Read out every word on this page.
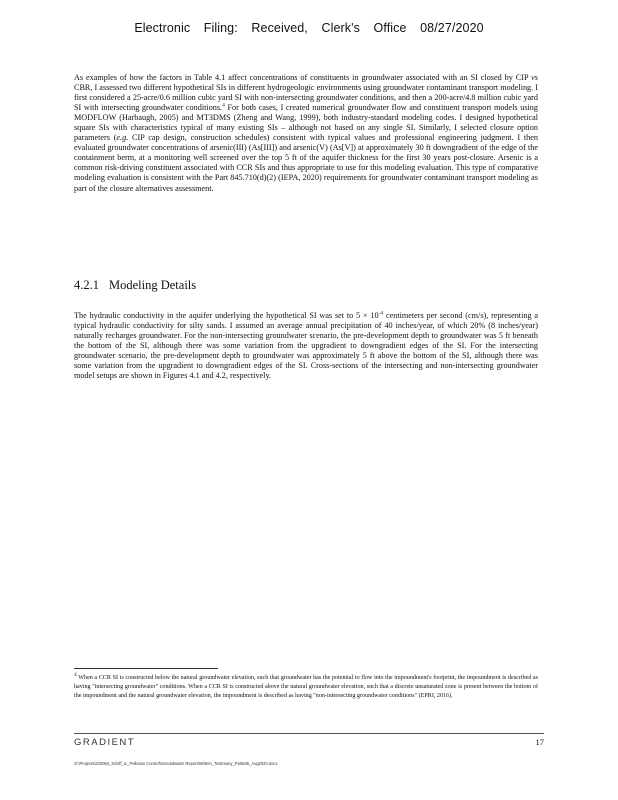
Electronic Filing: Received, Clerk's Office 08/27/2020
As examples of how the factors in Table 4.1 affect concentrations of constituents in groundwater associated with an SI closed by CIP vs CBR, I assessed two different hypothetical SIs in different hydrogeologic environments using groundwater contaminant transport modeling. I first considered a 25-acre/0.6 million cubic yard SI with non-intersecting groundwater conditions, and then a 200-acre/4.8 million cubic yard SI with intersecting groundwater conditions.$^4$ For both cases, I created numerical groundwater flow and constituent transport models using MODFLOW (Harbaugh, 2005) and MT3DMS (Zheng and Wang, 1999), both industry-standard modeling codes. I designed hypothetical square SIs with characteristics typical of many existing SIs – although not based on any single SI. Similarly, I selected closure option parameters (e.g. CIP cap design, construction schedules) consistent with typical values and professional engineering judgment. I then evaluated groundwater concentrations of arsenic(III) (As[III]) and arsenic(V) (As[V]) at approximately 30 ft downgradient of the edge of the containment berm, at a monitoring well screened over the top 5 ft of the aquifer thickness for the first 30 years post-closure. Arsenic is a common risk-driving constituent associated with CCR SIs and thus appropriate to use for this modeling evaluation. This type of comparative modeling evaluation is consistent with the Part 845.710(d)(2) (IEPA, 2020) requirements for groundwater contaminant transport modeling as part of the closure alternatives assessment.
4.2.1 Modeling Details
The hydraulic conductivity in the aquifer underlying the hypothetical SI was set to $5 \times 10^{-4}$ centimeters per second (cm/s), representing a typical hydraulic conductivity for silty sands. I assumed an average annual precipitation of 40 inches/year, of which 20% (8 inches/year) naturally recharges groundwater. For the non-intersecting groundwater scenario, the pre-development depth to groundwater was 5 ft beneath the bottom of the SI, although there was some variation from the upgradient to downgradient edges of the SI. For the intersecting groundwater scenario, the pre-development depth to groundwater was approximately 5 ft above the bottom of the SI, although there was some variation from the upgradient to downgradient edges of the SI. Cross-sections of the intersecting and non-intersecting groundwater model setups are shown in Figures 4.1 and 4.2, respectively.
$^4$ When a CCR SI is constructed below the natural groundwater elevation, such that groundwater has the potential to flow into the impoundment's footprint, the impoundment is described as having "intersecting groundwater" conditions. When a CCR SI is constructed above the natural groundwater elevation, such that a discrete unsaturated zone is present between the bottom of the impoundment and the natural groundwater elevation, the impoundment is described as having "non-intersecting groundwater conditions" (EPRI, 2016).
GRADIENT	17
G:\Projects\220084_Schiff_IL_Pollution Control\Groundwater Report\Written_Testimony_Part845_Aug2020.docx
